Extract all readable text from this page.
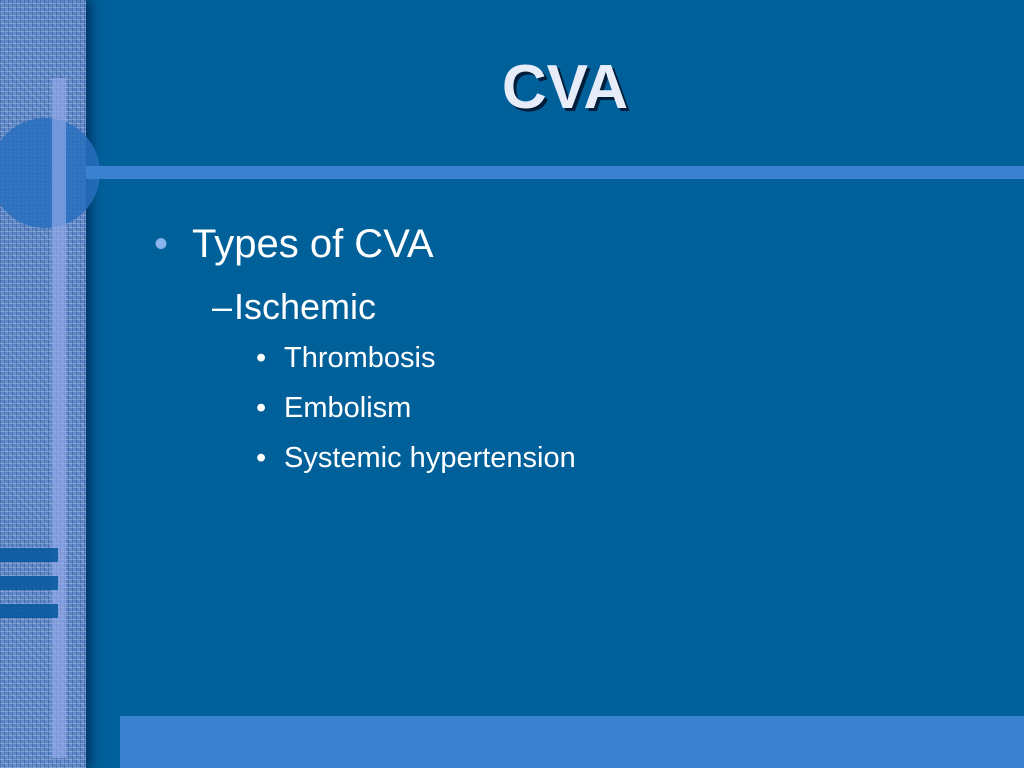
CVA
• Types of CVA
– Ischemic
• Thrombosis
• Embolism
• Systemic hypertension
